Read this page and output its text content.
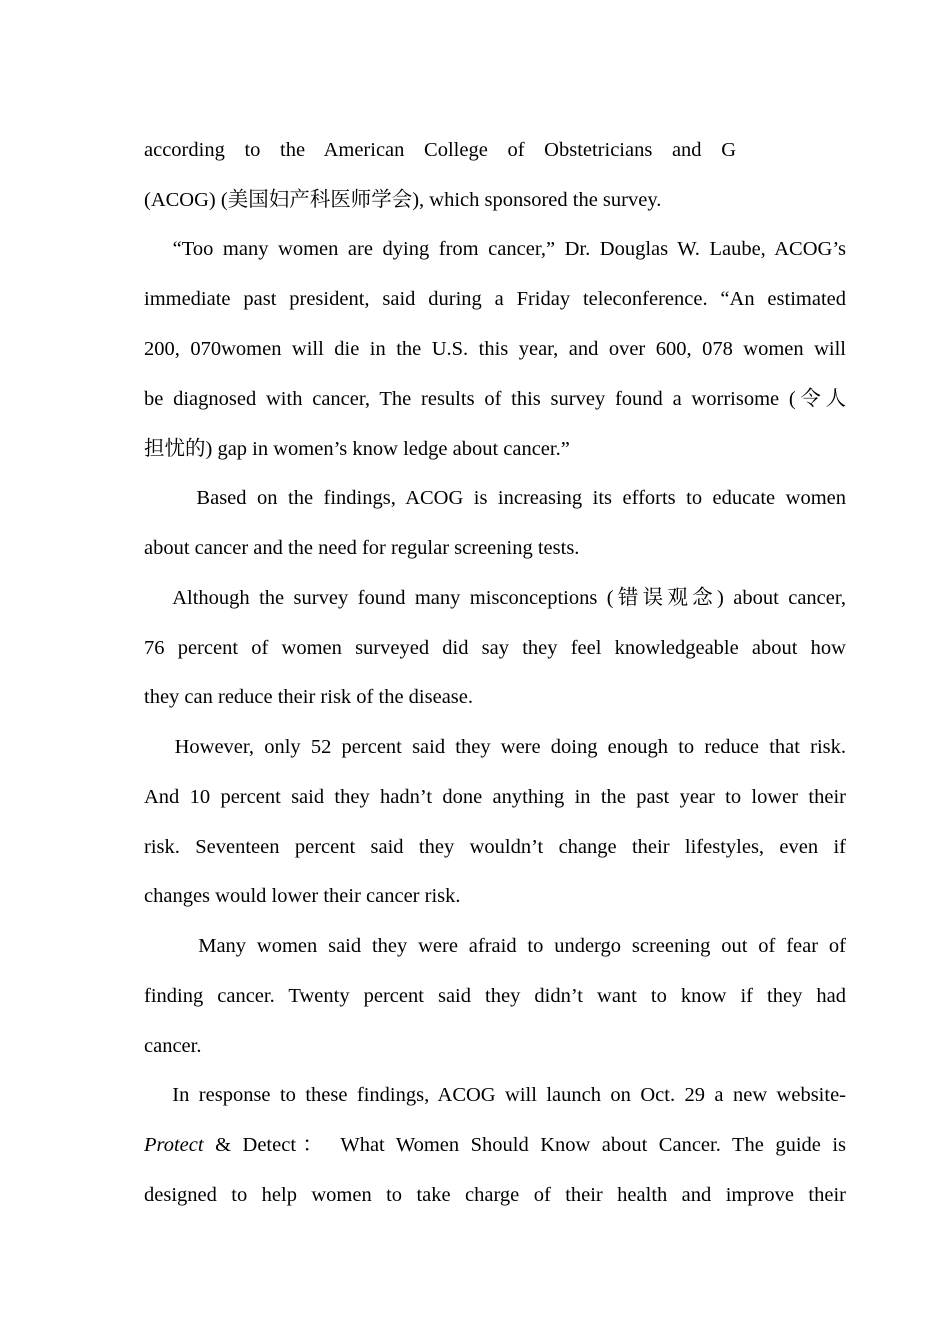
according to the American College of Obstetricians and G
(ACOG) (美国妇产科医师学会), which sponsored the survey.
“Too many women are dying from cancer,” Dr. Douglas W. Laube, ACOG’s
immediate past president, said during a Friday teleconference. “An estimated
200, 070women will die in the U.S. this year, and over 600, 078 women will
be diagnosed with cancer, The results of this survey found a worrisome (令人
担忧的) gap in women’s know ledge about cancer.”
Based on the findings, ACOG is increasing its efforts to educate women
about cancer and the need for regular screening tests.
Although the survey found many misconceptions (错误观念) about cancer,
76 percent of women surveyed did say they feel knowledgeable about how
they can reduce their risk of the disease.
However, only 52 percent said they were doing enough to reduce that risk.
And 10 percent said they hadn’t done anything in the past year to lower their
risk. Seventeen percent said they wouldn’t change their lifestyles, even if
changes would lower their cancer risk.
Many women said they were afraid to undergo screening out of fear of
finding cancer. Twenty percent said they didn’t want to know if they had
cancer.
In response to these findings, ACOG will launch on Oct. 29 a new website-
Protect & Detect： What Women Should Know about Cancer. The guide is
designed to help women to take charge of their health and improve their
